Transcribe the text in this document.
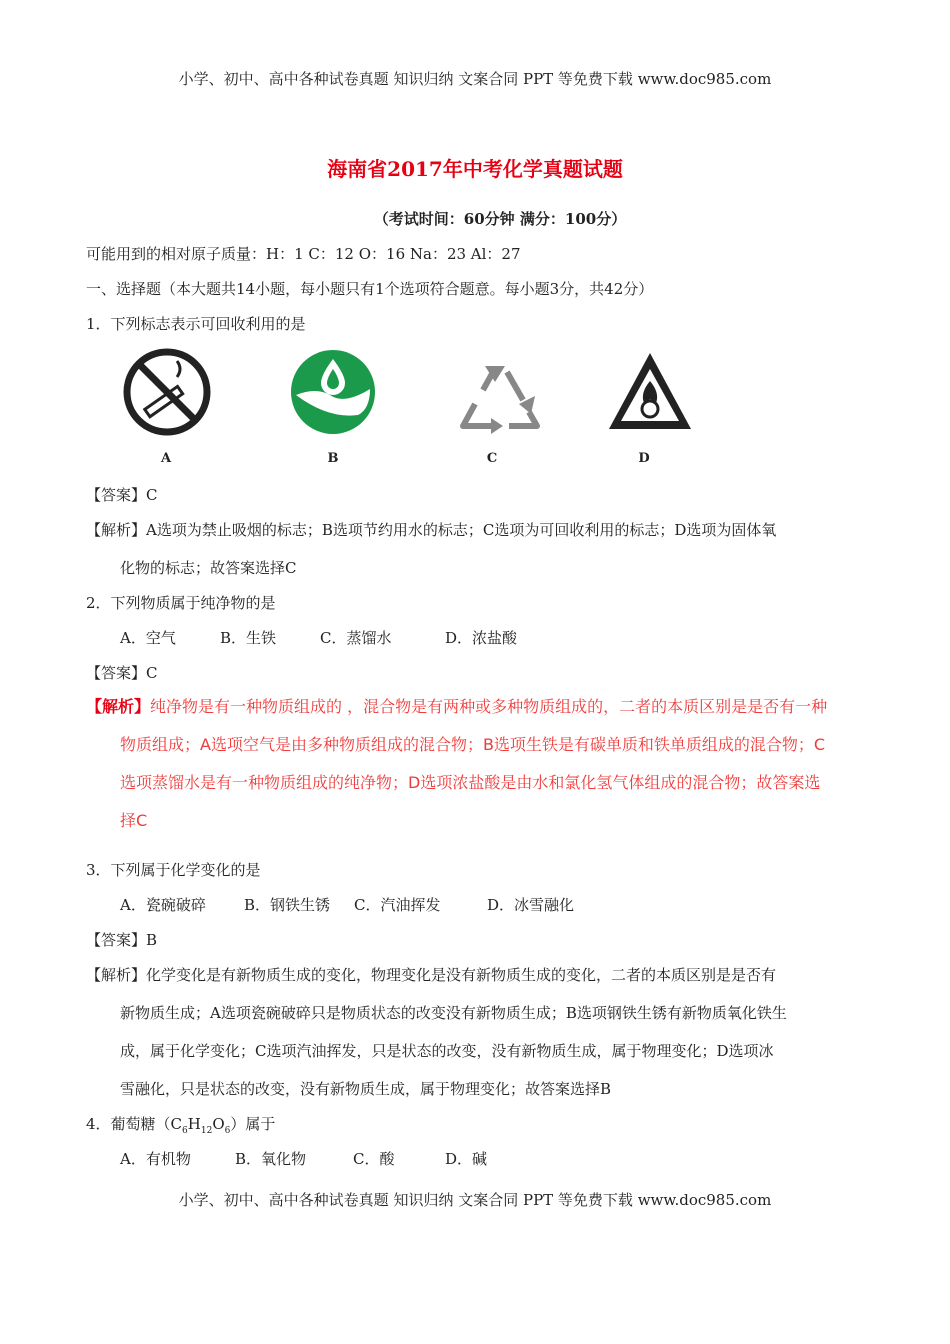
小学、初中、高中各种试卷真题 知识归纳 文案合同 PPT 等免费下载 www.doc985.com
海南省2017年中考化学真题试题
（考试时间：60分钟 满分：100分）
可能用到的相对原子质量：H：1 C：12 O：16 Na：23 Al：27
一、选择题（本大题共14小题，每小题只有1个选项符合题意。每小题3分，共42分）
1．下列标志表示可回收利用的是
A	B	C	D
【答案】C
【解析】A选项为禁止吸烟的标志；B选项节约用水的标志；C选项为可回收利用的标志；D选项为固体氧
化物的标志；故答案选择C
2．下列物质属于纯净物的是
A．空气	B．生铁	C．蒸馏水	D．浓盐酸
【答案】C
【解析】纯净物是有一种物质组成的 ，混合物是有两种或多种物质组成的，二者的本质区别是是否有一种
物质组成；A选项空气是由多种物质组成的混合物；B选项生铁是有碳单质和铁单质组成的混合物；C
选项蒸馏水是有一种物质组成的纯净物；D选项浓盐酸是由水和氯化氢气体组成的混合物；故答案选
择C
3．下列属于化学变化的是
A．瓷碗破碎	B．钢铁生锈 C．汽油挥发	D．冰雪融化
【答案】B
【解析】化学变化是有新物质生成的变化，物理变化是没有新物质生成的变化，二者的本质区别是是否有
新物质生成；A选项瓷碗破碎只是物质状态的改变没有新物质生成；B选项钢铁生锈有新物质氧化铁生
成，属于化学变化；C选项汽油挥发，只是状态的改变，没有新物质生成，属于物理变化；D选项冰
雪融化，只是状态的改变，没有新物质生成，属于物理变化；故答案选择B
4．葡萄糖$(C_6H_{12}O_6)$属于
A．有机物	B．氧化物	C．酸	D．碱
小学、初中、高中各种试卷真题 知识归纳 文案合同 PPT 等免费下载 www.doc985.com
